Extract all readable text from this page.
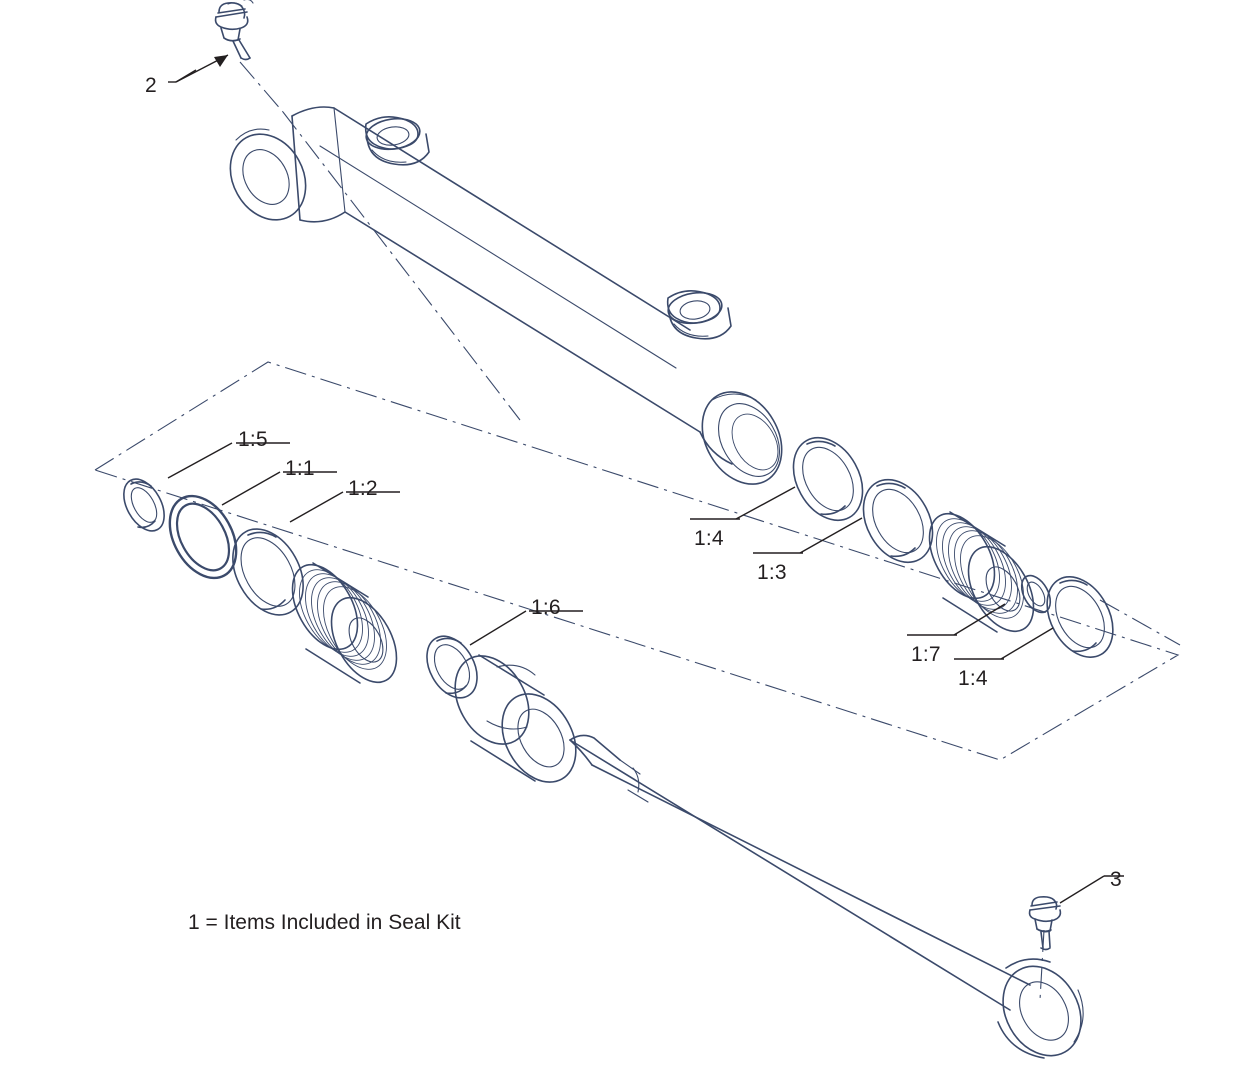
2
1:5
1:1
1:2
1:6
1:4
1:3
1:7
1:4
3
1 = Items Included in Seal Kit
